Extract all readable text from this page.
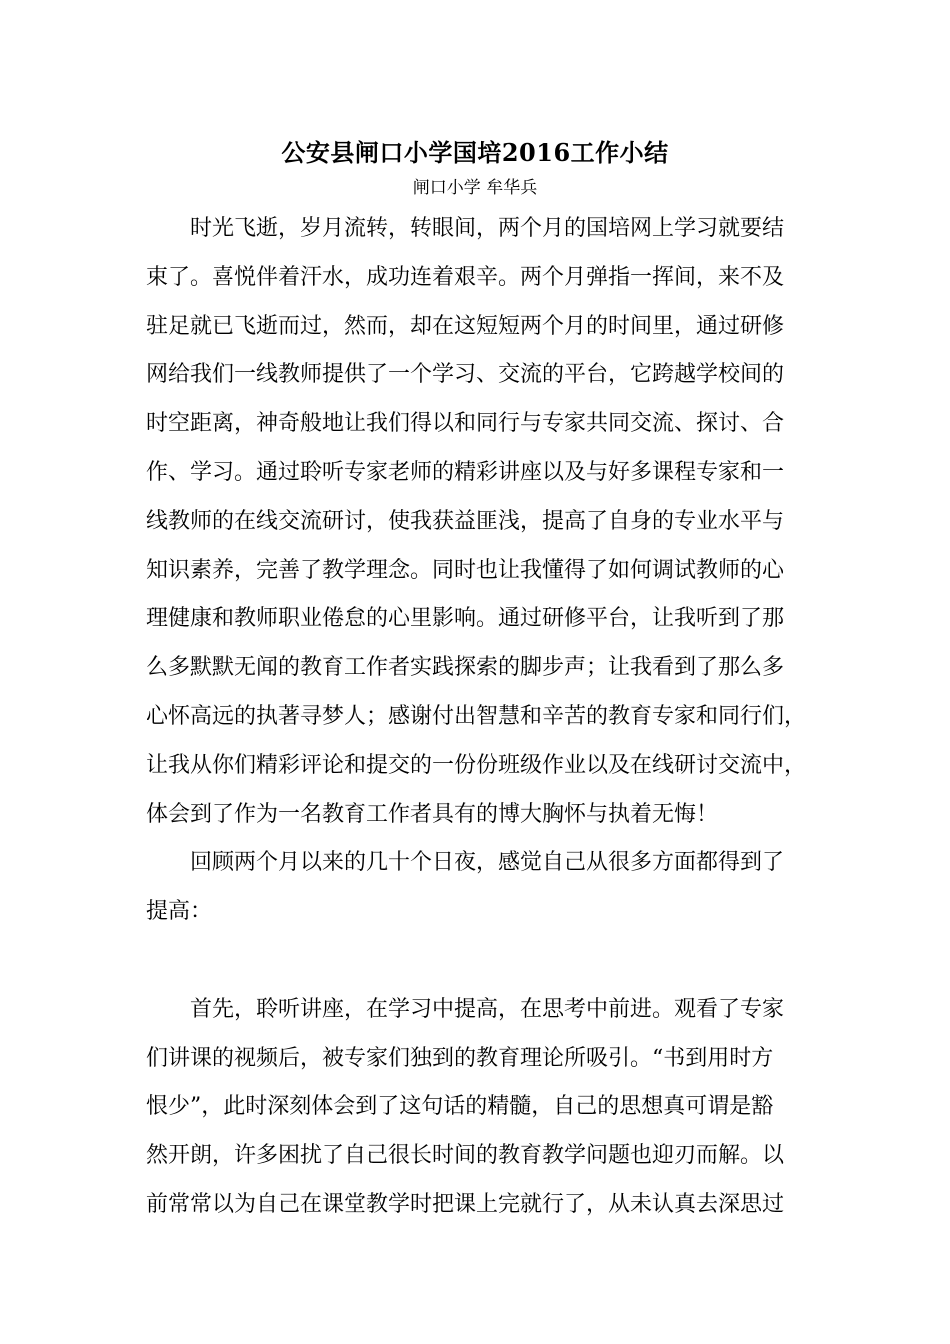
公安县闸口小学国培2016工作小结
闸口小学 牟华兵
　　时光飞逝，岁月流转，转眼间，两个月的国培网上学习就要结
束了。喜悦伴着汗水，成功连着艰辛。两个月弹指一挥间，来不及
驻足就已飞逝而过，然而，却在这短短两个月的时间里，通过研修
网给我们一线教师提供了一个学习、交流的平台，它跨越学校间的
时空距离，神奇般地让我们得以和同行与专家共同交流、探讨、合
作、学习。通过聆听专家老师的精彩讲座以及与好多课程专家和一
线教师的在线交流研讨，使我获益匪浅，提高了自身的专业水平与
知识素养，完善了教学理念。同时也让我懂得了如何调试教师的心
理健康和教师职业倦怠的心里影响。通过研修平台，让我听到了那
么多默默无闻的教育工作者实践探索的脚步声；让我看到了那么多
心怀高远的执著寻梦人；感谢付出智慧和辛苦的教育专家和同行们，
让我从你们精彩评论和提交的一份份班级作业以及在线研讨交流中，
体会到了作为一名教育工作者具有的博大胸怀与执着无悔！
　　回顾两个月以来的几十个日夜，感觉自己从很多方面都得到了
提高：
　　首先，聆听讲座，在学习中提高，在思考中前进。观看了专家
们讲课的视频后，被专家们独到的教育理论所吸引。“书到用时方
恨少”，此时深刻体会到了这句话的精髓，自己的思想真可谓是豁
然开朗，许多困扰了自己很长时间的教育教学问题也迎刃而解。以
前常常以为自己在课堂教学时把课上完就行了，从未认真去深思过
